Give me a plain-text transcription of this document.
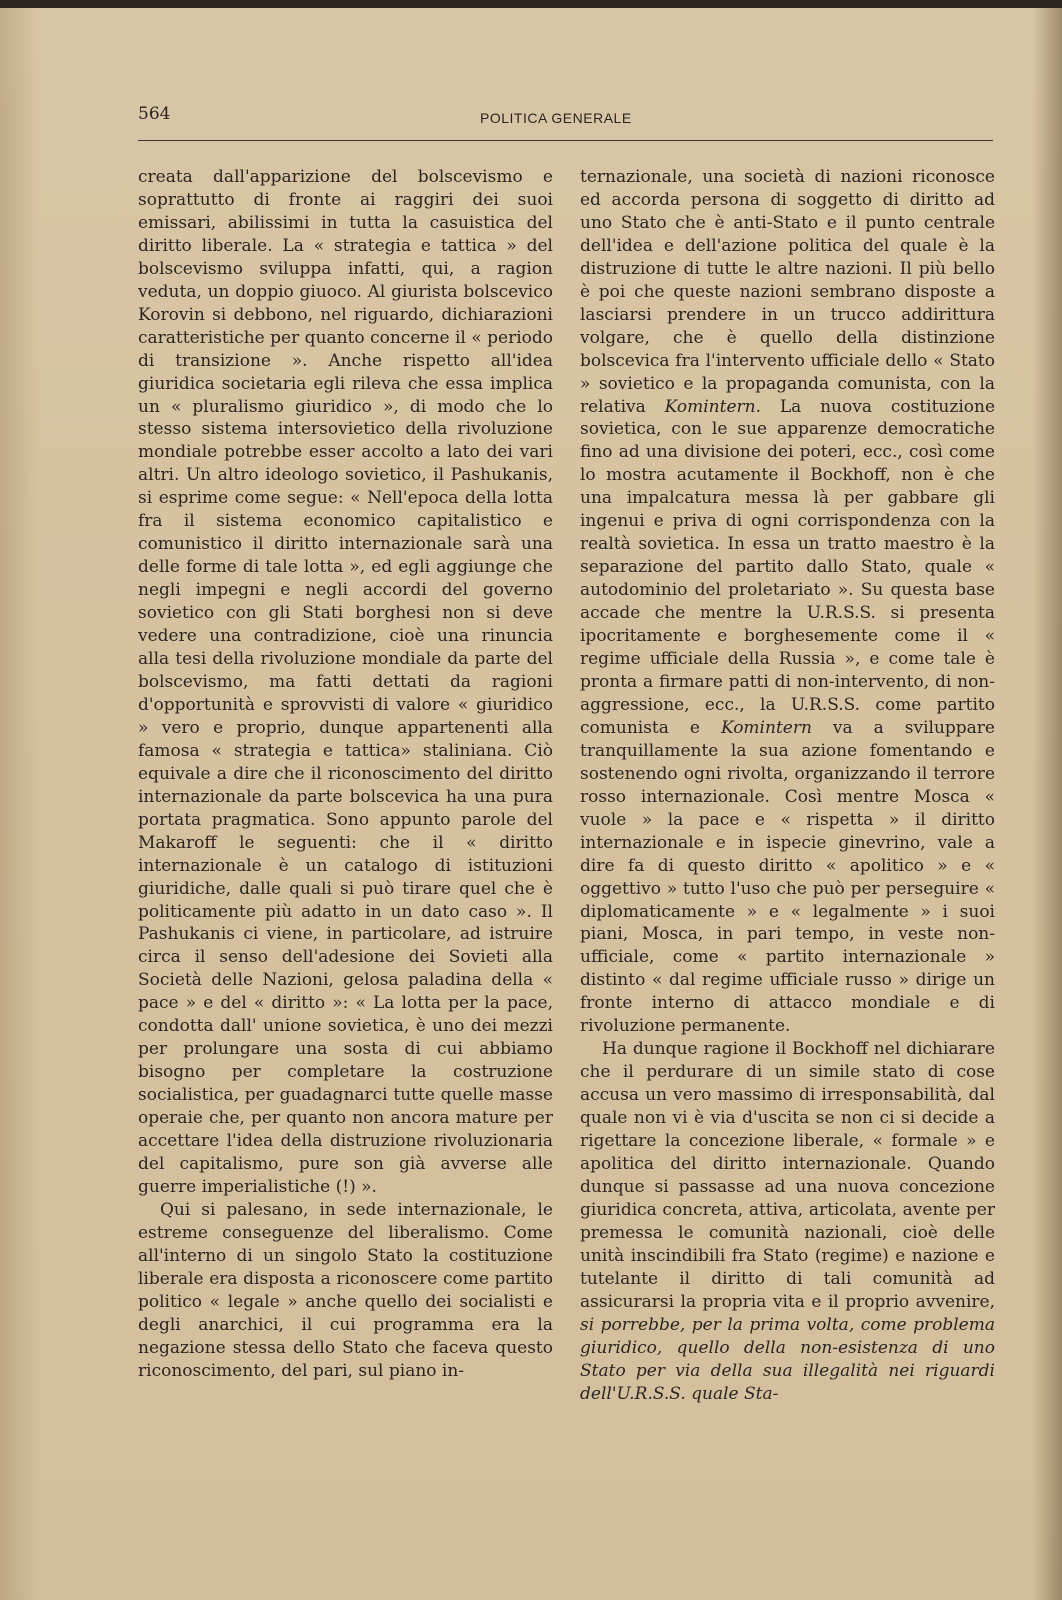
564	POLITICA GENERALE

creata dall'apparizione del bolscevismo e soprattutto di fronte ai raggiri dei suoi emissari, abilissimi in tutta la casuistica del diritto liberale. La « strategia e tattica » del bolscevismo sviluppa infatti, qui, a ragion veduta, un doppio giuoco. Al giurista bolscevico Korovin si debbono, nel riguardo, dichiarazioni caratteristiche per quanto concerne il « periodo di transizione ». Anche rispetto all'idea giuridica societaria egli rileva che essa implica un « pluralismo giuridico », di modo che lo stesso sistema intersovietico della rivoluzione mondiale potrebbe esser accolto a lato dei vari altri. Un altro ideologo sovietico, il Pashukanis, si esprime come segue: « Nell'epoca della lotta fra il sistema economico capitalistico e comunistico il diritto internazionale sarà una delle forme di tale lotta », ed egli aggiunge che negli impegni e negli accordi del governo sovietico con gli Stati borghesi non si deve vedere una contradizione, cioè una rinuncia alla tesi della rivoluzione mondiale da parte del bolscevismo, ma fatti dettati da ragioni d'opportunità e sprovvisti di valore « giuridico » vero e proprio, dunque appartenenti alla famosa « strategia e tattica» staliniana. Ciò equivale a dire che il riconoscimento del diritto internazionale da parte bolscevica ha una pura portata pragmatica. Sono appunto parole del Makaroff le seguenti: che il « diritto internazionale è un catalogo di istituzioni giuridiche, dalle quali si può tirare quel che è politicamente più adatto in un dato caso ». Il Pashukanis ci viene, in particolare, ad istruire circa il senso dell'adesione dei Sovieti alla Società delle Nazioni, gelosa paladina della « pace » e del « diritto »: « La lotta per la pace, condotta dall' unione sovietica, è uno dei mezzi per prolungare una sosta di cui abbiamo bisogno per completare la costruzione socialistica, per guadagnarci tutte quelle masse operaie che, per quanto non ancora mature per accettare l'idea della distruzione rivoluzionaria del capitalismo, pure son già avverse alle guerre imperialistiche (!) ».

Qui si palesano, in sede internazionale, le estreme conseguenze del liberalismo. Come all'interno di un singolo Stato la costituzione liberale era disposta a riconoscere come partito politico « legale » anche quello dei socialisti e degli anarchici, il cui programma era la negazione stessa dello Stato che faceva questo riconoscimento, del pari, sul piano in-

ternazionale, una società di nazioni riconosce ed accorda persona di soggetto di diritto ad uno Stato che è anti-Stato e il punto centrale dell'idea e dell'azione politica del quale è la distruzione di tutte le altre nazioni. Il più bello è poi che queste nazioni sembrano disposte a lasciarsi prendere in un trucco addirittura volgare, che è quello della distinzione bolscevica fra l'intervento ufficiale dello « Stato » sovietico e la propaganda comunista, con la relativa Komintern. La nuova costituzione sovietica, con le sue apparenze democratiche fino ad una divisione dei poteri, ecc., così come lo mostra acutamente il Bockhoff, non è che una impalcatura messa là per gabbare gli ingenui e priva di ogni corrispondenza con la realtà sovietica. In essa un tratto maestro è la separazione del partito dallo Stato, quale « autodominio del proletariato ». Su questa base accade che mentre la U.R.S.S. si presenta ipocritamente e borghesemente come il « regime ufficiale della Russia », e come tale è pronta a firmare patti di non-intervento, di non-aggressione, ecc., la U.R.S.S. come partito comunista e Komintern va a sviluppare tranquillamente la sua azione fomentando e sostenendo ogni rivolta, organizzando il terrore rosso internazionale. Così mentre Mosca « vuole » la pace e « rispetta » il diritto internazionale e in ispecie ginevrino, vale a dire fa di questo diritto « apolitico » e « oggettivo » tutto l'uso che può per perseguire « diplomaticamente » e « legalmente » i suoi piani, Mosca, in pari tempo, in veste non-ufficiale, come « partito internazionale » distinto « dal regime ufficiale russo » dirige un fronte interno di attacco mondiale e di rivoluzione permanente.

Ha dunque ragione il Bockhoff nel dichiarare che il perdurare di un simile stato di cose accusa un vero massimo di irresponsabilità, dal quale non vi è via d'uscita se non ci si decide a rigettare la concezione liberale, « formale » e apolitica del diritto internazionale. Quando dunque si passasse ad una nuova concezione giuridica concreta, attiva, articolata, avente per premessa le comunità nazionali, cioè delle unità inscindibili fra Stato (regime) e nazione e tutelante il diritto di tali comunità ad assicurarsi la propria vita e il proprio avvenire, si porrebbe, per la prima volta, come problema giuridico, quello della non-esistenza di uno Stato per via della sua illegalità nei riguardi dell'U.R.S.S. quale Sta-
